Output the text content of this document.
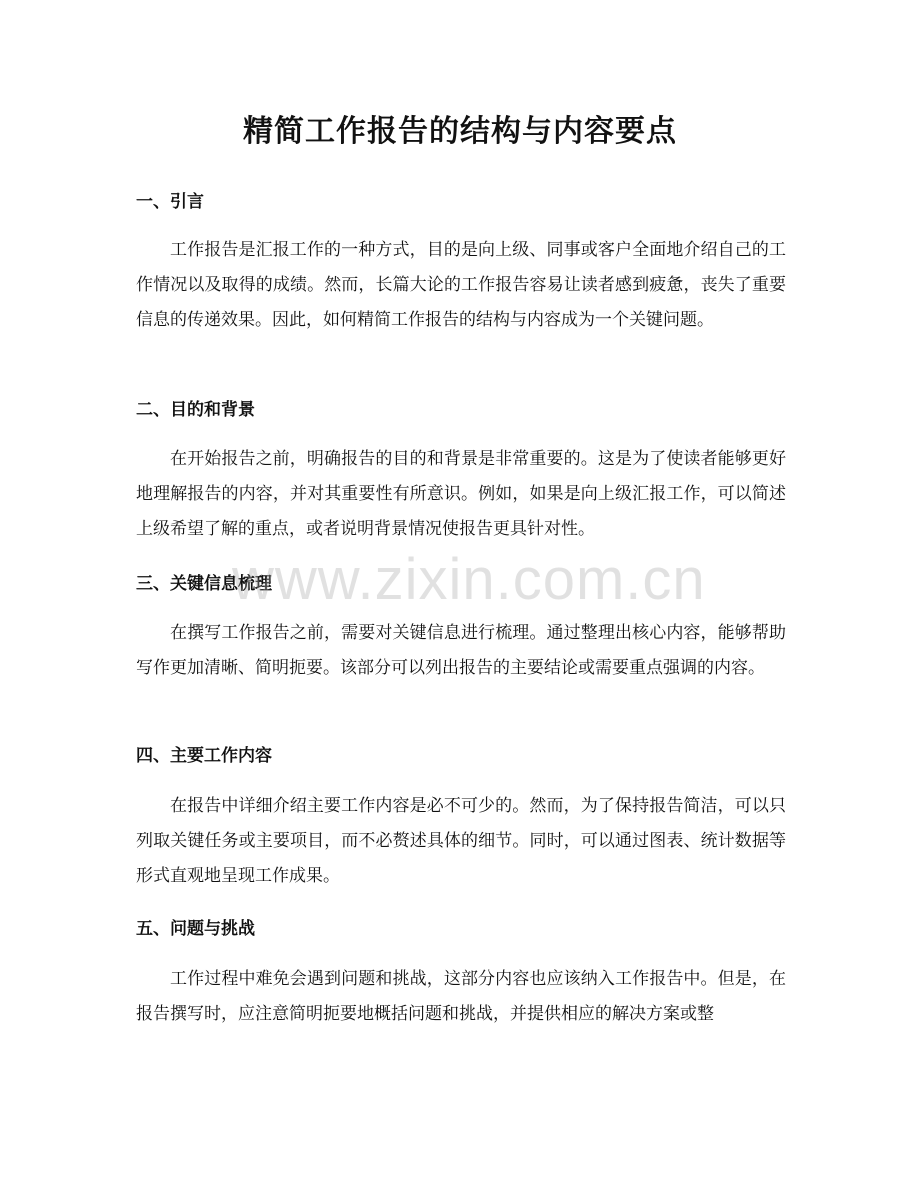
精简工作报告的结构与内容要点
一、引言

工作报告是汇报工作的一种方式，目的是向上级、同事或客户全面地介绍自己的工作情况以及取得的成绩。然而，长篇大论的工作报告容易让读者感到疲惫，丧失了重要信息的传递效果。因此，如何精简工作报告的结构与内容成为一个关键问题。

二、目的和背景

在开始报告之前，明确报告的目的和背景是非常重要的。这是为了使读者能够更好地理解报告的内容，并对其重要性有所意识。例如，如果是向上级汇报工作，可以简述上级希望了解的重点，或者说明背景情况使报告更具针对性。

三、关键信息梳理

在撰写工作报告之前，需要对关键信息进行梳理。通过整理出核心内容，能够帮助写作更加清晰、简明扼要。该部分可以列出报告的主要结论或需要重点强调的内容。

四、主要工作内容

在报告中详细介绍主要工作内容是必不可少的。然而，为了保持报告简洁，可以只列取关键任务或主要项目，而不必赘述具体的细节。同时，可以通过图表、统计数据等形式直观地呈现工作成果。

五、问题与挑战

工作过程中难免会遇到问题和挑战，这部分内容也应该纳入工作报告中。但是，在报告撰写时，应注意简明扼要地概括问题和挑战，并提供相应的解决方案或整

www.zixin.com.cn
